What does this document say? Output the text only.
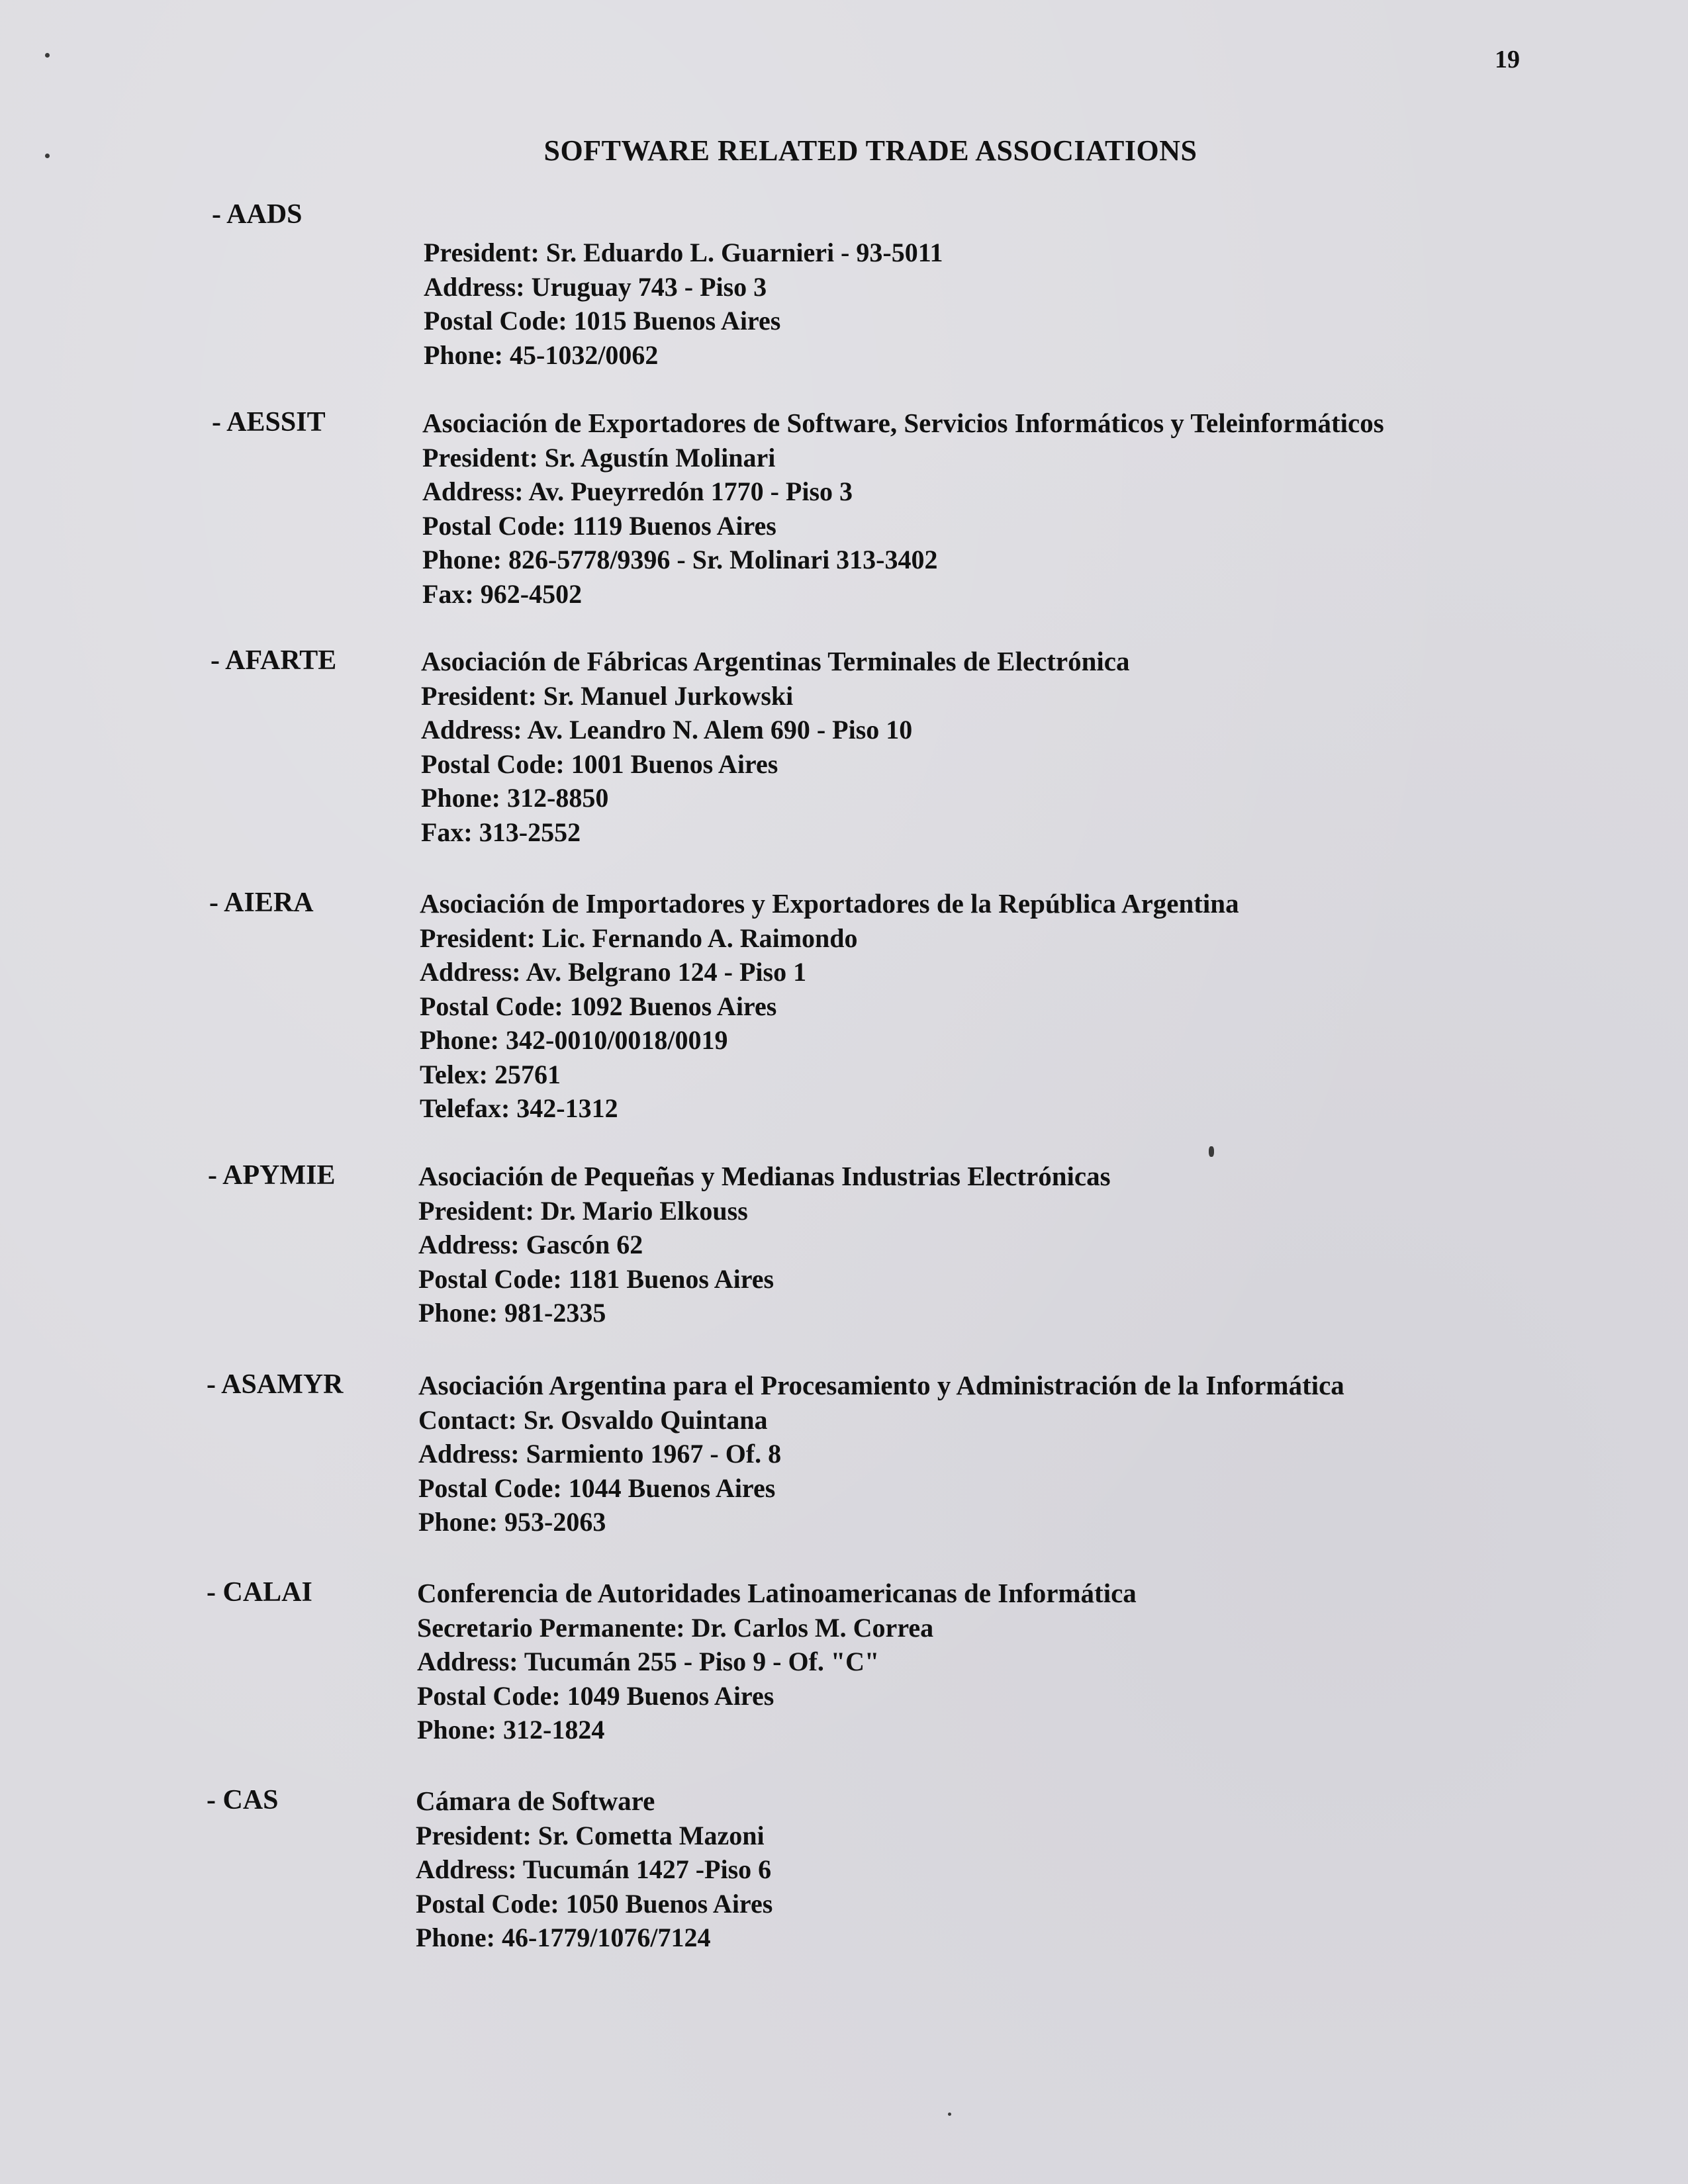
19
SOFTWARE RELATED TRADE ASSOCIATIONS
- AADS
President: Sr. Eduardo L. Guarnieri - 93-5011
Address: Uruguay 743 - Piso 3
Postal Code: 1015 Buenos Aires
Phone: 45-1032/0062
- AESSIT	Asociación de Exportadores de Software, Servicios Informáticos y Teleinformáticos
President: Sr. Agustín Molinari
Address: Av. Pueyrredón 1770 - Piso 3
Postal Code: 1119 Buenos Aires
Phone: 826-5778/9396 - Sr. Molinari 313-3402
Fax: 962-4502
- AFARTE	Asociación de Fábricas Argentinas Terminales de Electrónica
President: Sr. Manuel Jurkowski
Address: Av. Leandro N. Alem 690 - Piso 10
Postal Code: 1001 Buenos Aires
Phone: 312-8850
Fax: 313-2552
- AIERA	Asociación de Importadores y Exportadores de la República Argentina
President: Lic. Fernando A. Raimondo
Address: Av. Belgrano 124 - Piso 1
Postal Code: 1092 Buenos Aires
Phone: 342-0010/0018/0019
Telex: 25761
Telefax: 342-1312
- APYMIE	Asociación de Pequeñas y Medianas Industrias Electrónicas
President: Dr. Mario Elkouss
Address: Gascón 62
Postal Code: 1181 Buenos Aires
Phone: 981-2335
- ASAMYR	Asociación Argentina para el Procesamiento y Administración de la Informática
Contact: Sr. Osvaldo Quintana
Address: Sarmiento 1967 - Of. 8
Postal Code: 1044 Buenos Aires
Phone: 953-2063
- CALAI	Conferencia de Autoridades Latinoamericanas de Informática
Secretario Permanente: Dr. Carlos M. Correa
Address: Tucumán 255 - Piso 9 - Of. "C"
Postal Code: 1049 Buenos Aires
Phone: 312-1824
- CAS	Cámara de Software
President: Sr. Cometta Mazoni
Address: Tucumán 1427 -Piso 6
Postal Code: 1050 Buenos Aires
Phone: 46-1779/1076/7124
